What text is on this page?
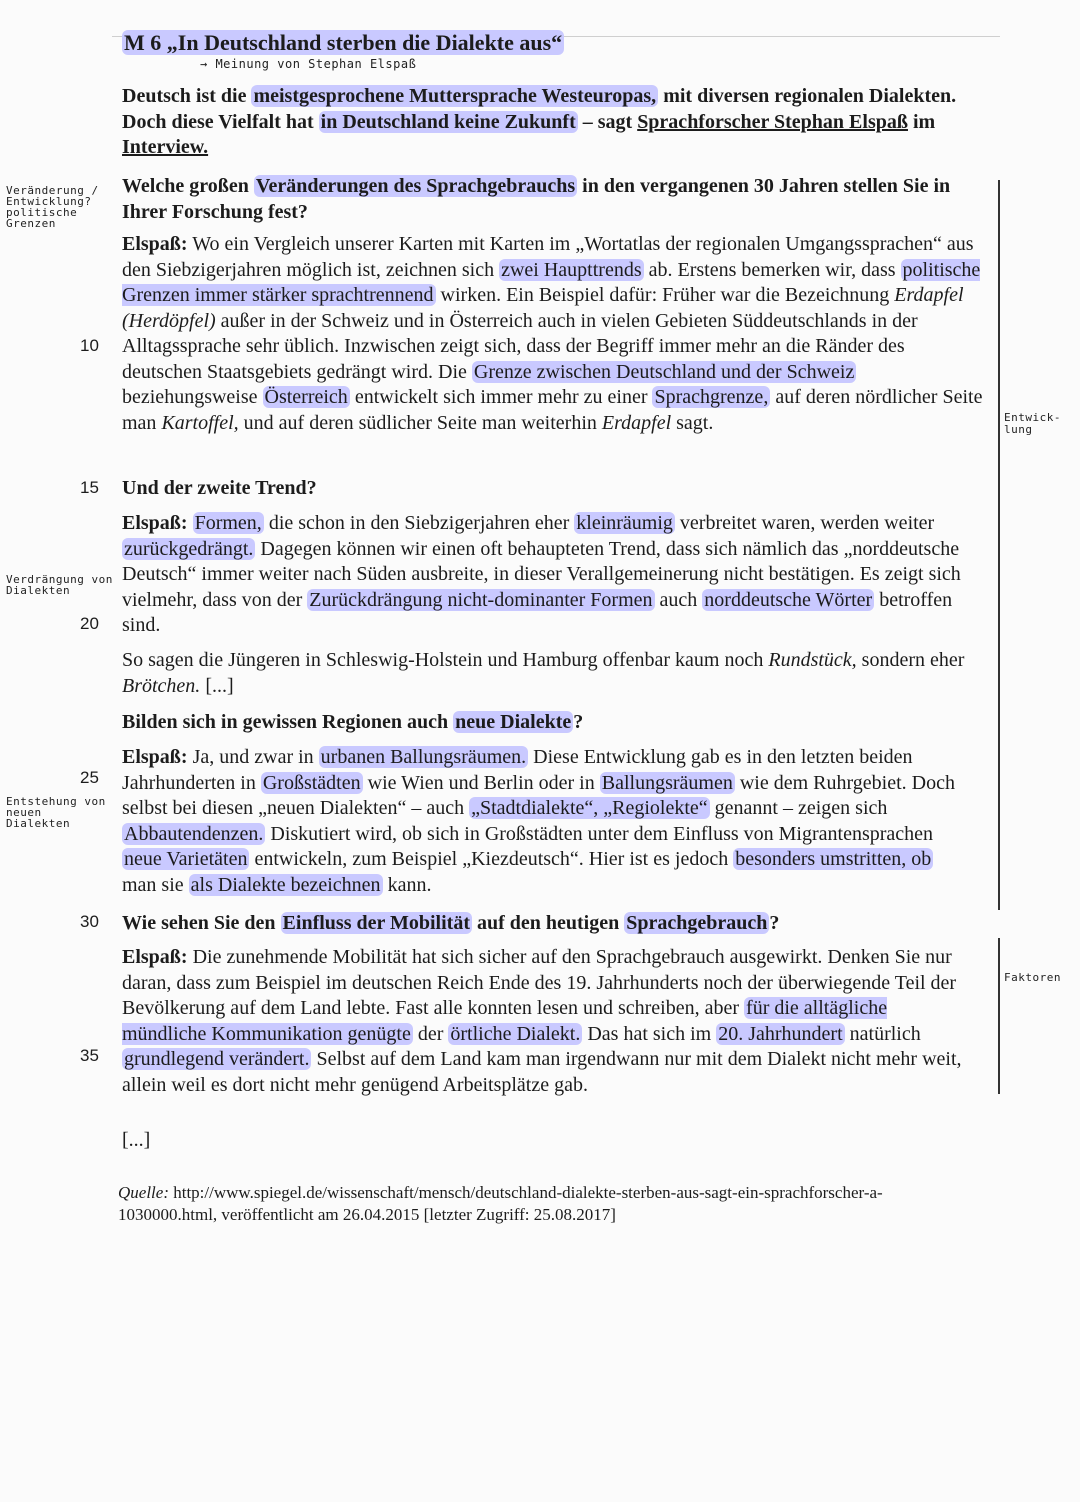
M 6 „In Deutschland sterben die Dialekte aus“
→ Meinung von Stephan Elspaß
Deutsch ist die meistgesprochene Muttersprache Westeuropas, mit diversen regionalen Dialekten. Doch diese Vielfalt hat in Deutschland keine Zukunft – sagt Sprachforscher Stephan Elspaß im Interview.
Welche großen Veränderungen des Sprachgebrauchs in den vergangenen 30 Jahren stellen Sie in Ihrer Forschung fest?
Elspaß: Wo ein Vergleich unserer Karten mit Karten im „Wortatlas der regionalen Umgangssprachen“ aus den Siebzigerjahren möglich ist, zeichnen sich zwei Haupttrends ab. Erstens bemerken wir, dass politische Grenzen immer stärker sprachtrennend wirken. Ein Beispiel dafür: Früher war die Bezeichnung Erdapfel (Herdöpfel) außer in der Schweiz und in Österreich auch in vielen Gebieten Süddeutschlands in der Alltagssprache sehr üblich. Inzwischen zeigt sich, dass der Begriff immer mehr an die Ränder des deutschen Staatsgebiets gedrängt wird. Die Grenze zwischen Deutschland und der Schweiz beziehungsweise Österreich entwickelt sich immer mehr zu einer Sprachgrenze, auf deren nördlicher Seite man Kartoffel, und auf deren südlicher Seite man weiterhin Erdapfel sagt.
Und der zweite Trend?
Elspaß: Formen, die schon in den Siebzigerjahren eher kleinräumig verbreitet waren, werden weiter zurückgedrängt. Dagegen können wir einen oft behaupteten Trend, dass sich nämlich das „norddeutsche Deutsch“ immer weiter nach Süden ausbreite, in dieser Verallgemeinerung nicht bestätigen. Es zeigt sich vielmehr, dass von der Zurückdrängung nicht-dominanter Formen auch norddeutsche Wörter betroffen sind.
So sagen die Jüngeren in Schleswig-Holstein und Hamburg offenbar kaum noch Rundstück, sondern eher Brötchen. [...]
Bilden sich in gewissen Regionen auch neue Dialekte ?
Elspaß: Ja, und zwar in urbanen Ballungsräumen. Diese Entwicklung gab es in den letzten beiden Jahrhunderten in Großstädten wie Wien und Berlin oder in Ballungsräumen wie dem Ruhrgebiet. Doch selbst bei diesen „neuen Dialekten“ – auch „Stadtdialekte“, „Regiolekte“ genannt – zeigen sich Abbautendenzen. Diskutiert wird, ob sich in Großstädten unter dem Einfluss von Migrantensprachen neue Varietäten entwickeln, zum Beispiel „Kiezdeutsch“. Hier ist es jedoch besonders umstritten, ob man sie als Dialekte bezeichnen kann.
Wie sehen Sie den Einfluss der Mobilität auf den heutigen Sprachgebrauch ?
Elspaß: Die zunehmende Mobilität hat sich sicher auf den Sprachgebrauch ausgewirkt. Denken Sie nur daran, dass zum Beispiel im deutschen Reich Ende des 19. Jahrhunderts noch der überwiegende Teil der Bevölkerung auf dem Land lebte. Fast alle konnten lesen und schreiben, aber für die alltägliche mündliche Kommunikation genügte der örtliche Dialekt. Das hat sich im 20. Jahrhundert natürlich grundlegend verändert. Selbst auf dem Land kam man irgendwann nur mit dem Dialekt nicht mehr weit, allein weil es dort nicht mehr genügend Arbeitsplätze gab.
[...]
Quelle: http://www.spiegel.de/wissenschaft/mensch/deutschland-dialekte-sterben-aus-sagt-ein-sprachforscher-a-1030000.html, veröffentlicht am 26.04.2015 [letzter Zugriff: 25.08.2017]
10
15
20
25
30
35
Veränderung / Entwicklung? politische Grenzen
Verdrängung von Dialekten
Entstehung von neuen Dialekten
Entwick- lung
Faktoren
